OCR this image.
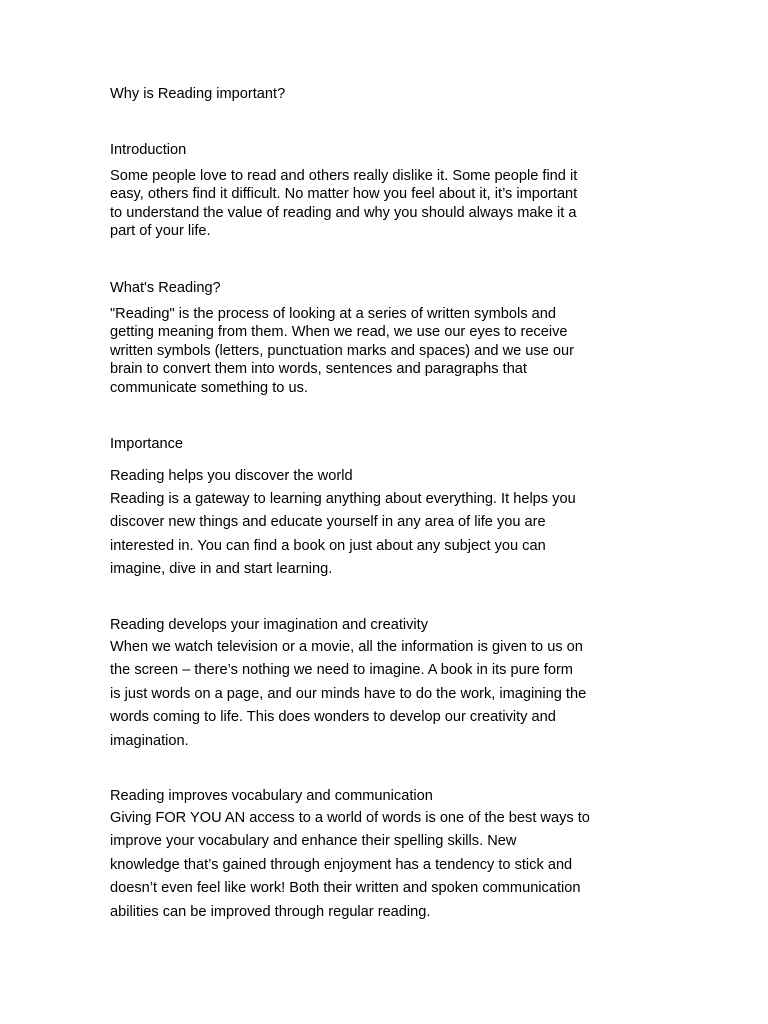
Why is Reading important?
Introduction

Some people love to read and others really dislike it. Some people find it
easy, others find it difficult. No matter how you feel about it, it’s important
to understand the value of reading and why you should always make it a
part of your life.

What's Reading?

"Reading" is the process of looking at a series of written symbols and
getting meaning from them. When we read, we use our eyes to receive
written symbols (letters, punctuation marks and spaces) and we use our
brain to convert them into words, sentences and paragraphs that
communicate something to us.

Importance
Reading helps you discover the world

Reading is a gateway to learning anything about everything. It helps you
discover new things and educate yourself in any area of life you are
interested in. You can find a book on just about any subject you can
imagine, dive in and start learning.

Reading develops your imagination and creativity

When we watch television or a movie, all the information is given to us on
the screen – there’s nothing we need to imagine. A book in its pure form
is just words on a page, and our minds have to do the work, imagining the
words coming to life. This does wonders to develop our creativity and
imagination.

Reading improves vocabulary and communication

Giving FOR YOU AN access to a world of words is one of the best ways to
improve your vocabulary and enhance their spelling skills. New
knowledge that’s gained through enjoyment has a tendency to stick and
doesn’t even feel like work! Both their written and spoken communication
abilities can be improved through regular reading.
